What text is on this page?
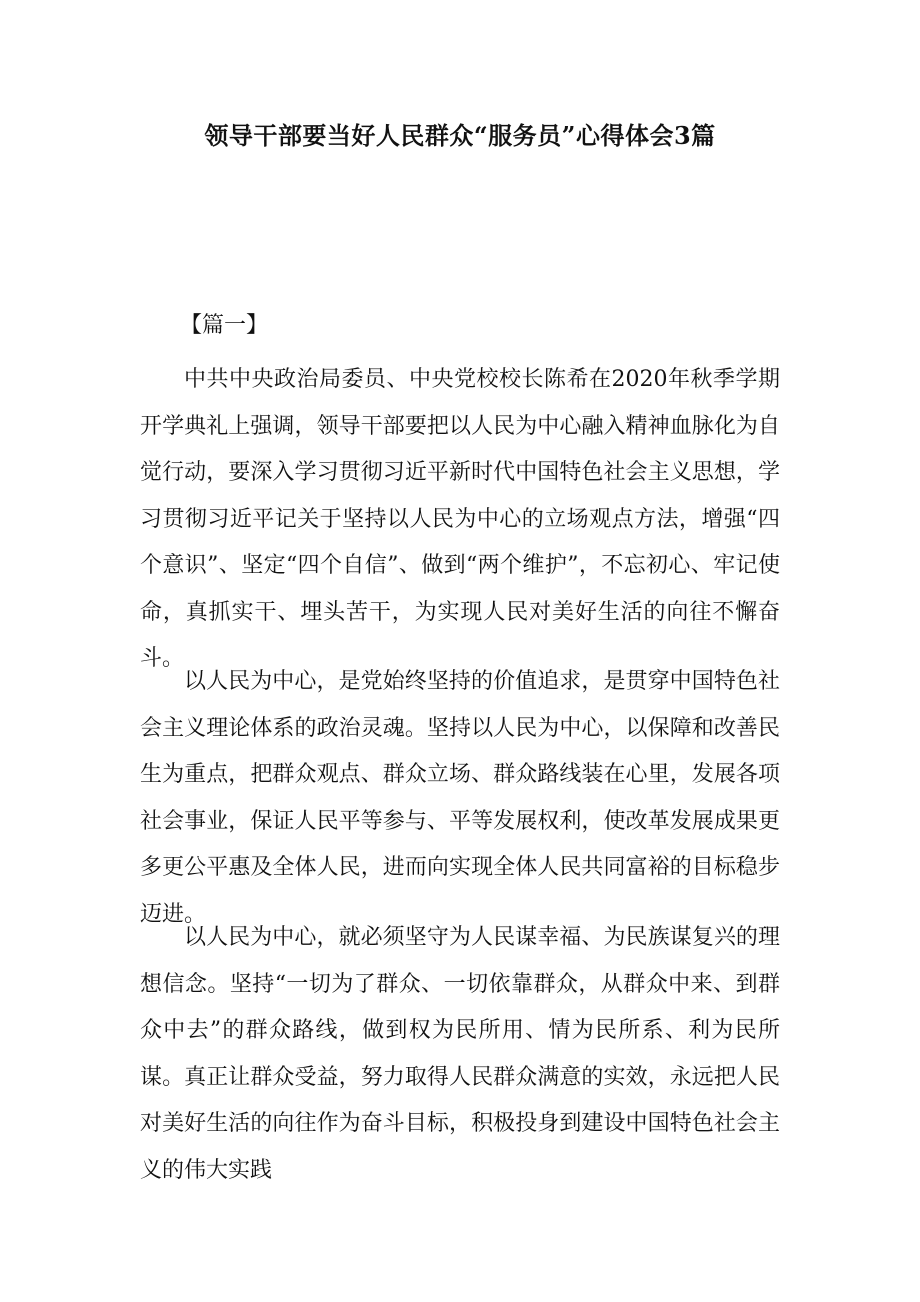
领导干部要当好人民群众“服务员”心得体会3篇
【篇一】

中共中央政治局委员、中央党校校长陈希在2020年秋季学期开学典礼上强调，领导干部要把以人民为中心融入精神血脉化为自觉行动，要深入学习贯彻习近平新时代中国特色社会主义思想，学习贯彻习近平记关于坚持以人民为中心的立场观点方法，增强“四个意识”、坚定“四个自信”、做到“两个维护”，不忘初心、牢记使命，真抓实干、埋头苦干，为实现人民对美好生活的向往不懈奋斗。

以人民为中心，是党始终坚持的价值追求，是贯穿中国特色社会主义理论体系的政治灵魂。坚持以人民为中心，以保障和改善民生为重点，把群众观点、群众立场、群众路线装在心里，发展各项社会事业，保证人民平等参与、平等发展权利，使改革发展成果更多更公平惠及全体人民，进而向实现全体人民共同富裕的目标稳步迈进。

以人民为中心，就必须坚守为人民谋幸福、为民族谋复兴的理想信念。坚持“一切为了群众、一切依靠群众，从群众中来、到群众中去”的群众路线，做到权为民所用、情为民所系、利为民所谋。真正让群众受益，努力取得人民群众满意的实效，永远把人民对美好生活的向往作为奋斗目标，积极投身到建设中国特色社会主义的伟大实践
